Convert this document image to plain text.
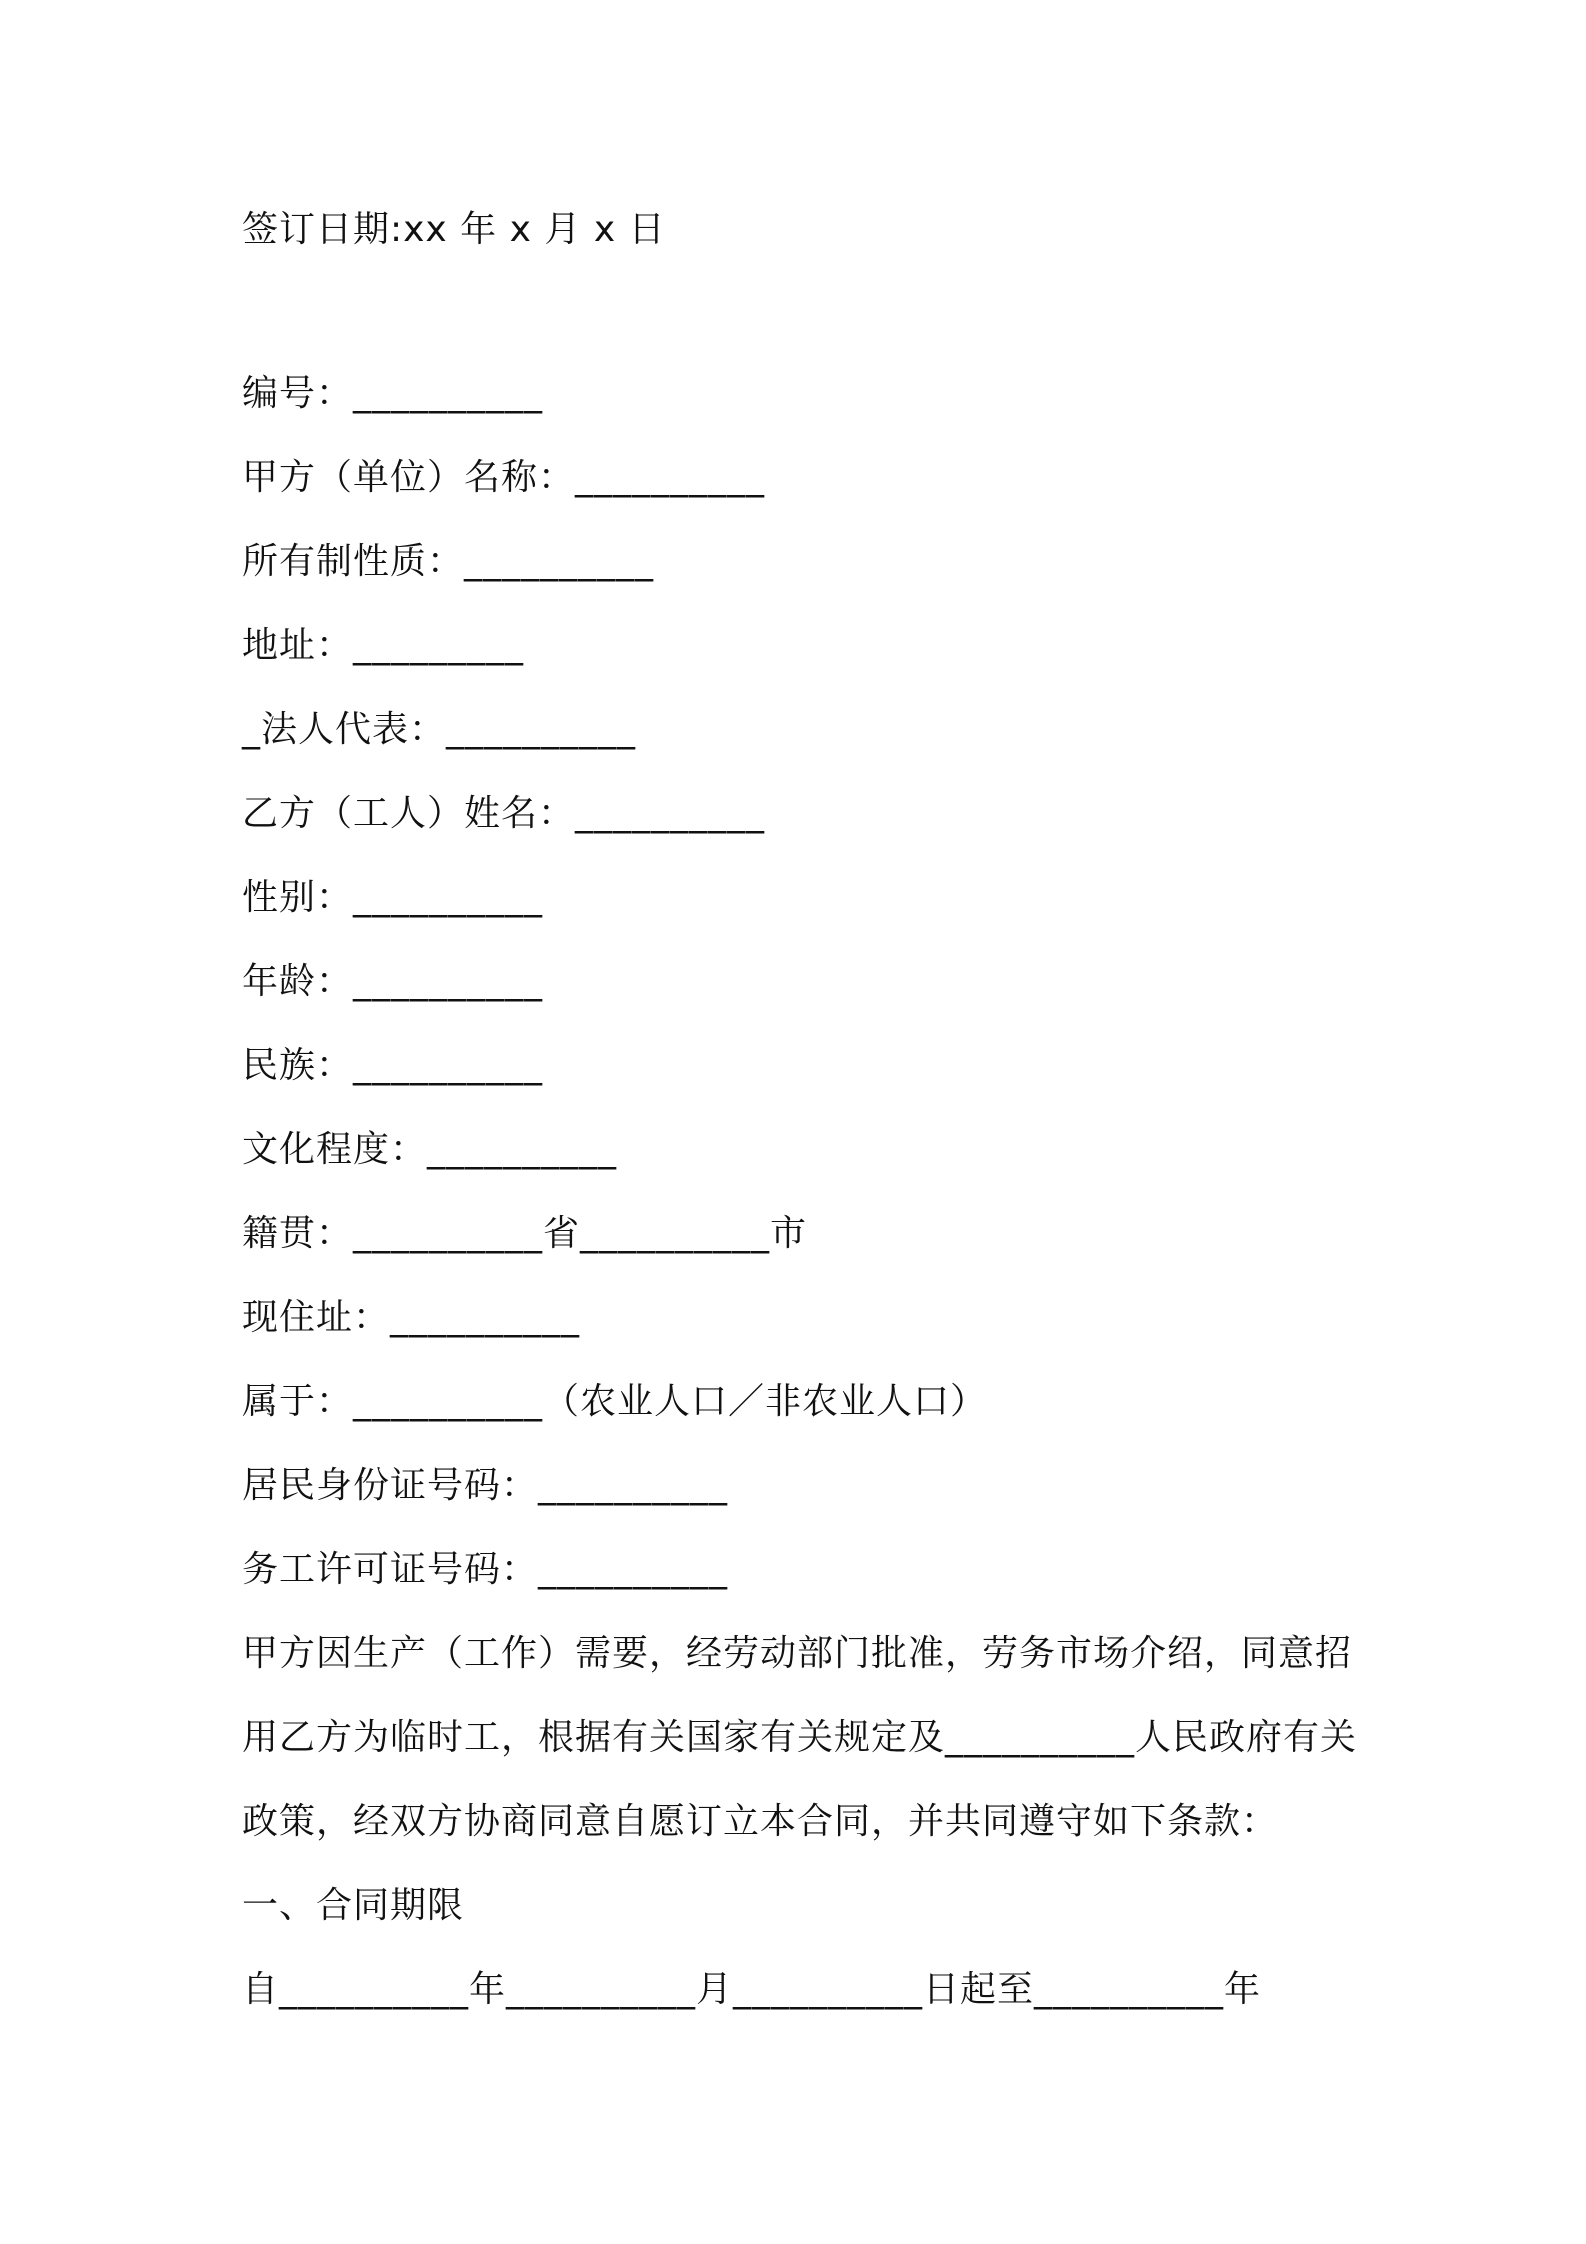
签订日期:xx 年 x 月 x 日
编号：__________
甲方（单位）名称：__________
所有制性质：__________
地址：_________
_法人代表：__________
乙方（工人）姓名：__________
性别：__________
年龄：__________
民族：__________
文化程度：__________
籍贯：__________省__________市
现住址：__________
属于：__________（农业人口／非农业人口）
居民身份证号码：__________
务工许可证号码：__________
甲方因生产（工作）需要，经劳动部门批准，劳务市场介绍，同意招
用乙方为临时工，根据有关国家有关规定及__________人民政府有关
政策，经双方协商同意自愿订立本合同，并共同遵守如下条款：
一、合同期限
自__________年__________月__________日起至__________年
